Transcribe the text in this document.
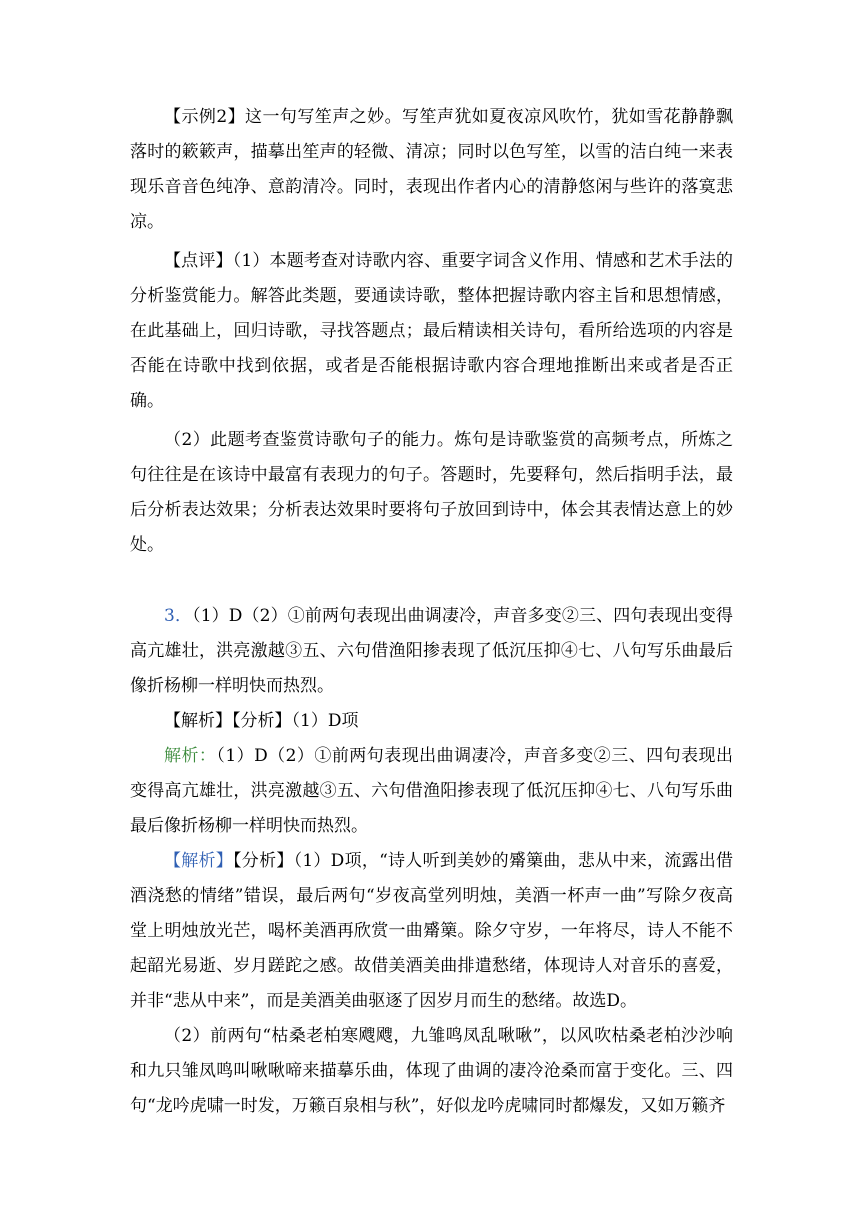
【示例2】这一句写笙声之妙。写笙声犹如夏夜凉风吹竹，犹如雪花静静飘落时的簌簌声，描摹出笙声的轻微、清凉；同时以色写笙，以雪的洁白纯一来表现乐音音色纯净、意韵清冷。同时，表现出作者内心的清静悠闲与些许的落寞悲凉。

【点评】（1）本题考查对诗歌内容、重要字词含义作用、情感和艺术手法的分析鉴赏能力。解答此类题，要通读诗歌，整体把握诗歌内容主旨和思想情感，在此基础上，回归诗歌，寻找答题点；最后精读相关诗句，看所给选项的内容是否能在诗歌中找到依据，或者是否能根据诗歌内容合理地推断出来或者是否正确。

（2）此题考查鉴赏诗歌句子的能力。炼句是诗歌鉴赏的高频考点，所炼之句往往是在该诗中最富有表现力的句子。答题时，先要释句，然后指明手法，最后分析表达效果；分析表达效果时要将句子放回到诗中，体会其表情达意上的妙处。

3．（1）D（2）①前两句表现出曲调凄冷，声音多变②三、四句表现出变得高亢雄壮，洪亮激越③五、六句借渔阳掺表现了低沉压抑④七、八句写乐曲最后像折杨柳一样明快而热烈。

【解析】【分析】（1）D项

解析：（1）D（2）①前两句表现出曲调凄冷，声音多变②三、四句表现出变得高亢雄壮，洪亮激越③五、六句借渔阳掺表现了低沉压抑④七、八句写乐曲最后像折杨柳一样明快而热烈。

【解析】【分析】（1）D项，“诗人听到美妙的觱篥曲，悲从中来，流露出借酒浇愁的情绪”错误，最后两句“岁夜高堂列明烛，美酒一杯声一曲”写除夕夜高堂上明烛放光芒，喝杯美酒再欣赏一曲觱篥。除夕守岁，一年将尽，诗人不能不起韶光易逝、岁月蹉跎之感。故借美酒美曲排遣愁绪，体现诗人对音乐的喜爱，并非“悲从中来”，而是美酒美曲驱逐了因岁月而生的愁绪。故选D。

（2）前两句“枯桑老柏寒飕飕，九雏鸣凤乱啾啾”，以风吹枯桑老柏沙沙响和九只雏凤鸣叫啾啾啼来描摹乐曲，体现了曲调的凄冷沧桑而富于变化。三、四句“龙吟虎啸一时发，万籁百泉相与秋”，好似龙吟虎啸同时都爆发，又如万籁齐
